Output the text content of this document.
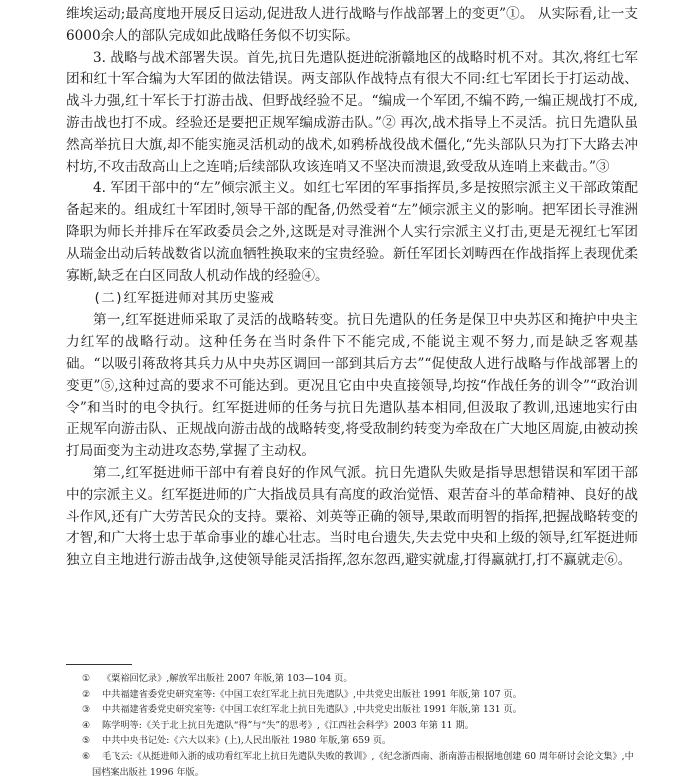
维埃运动;最高度地开展反日运动,促进敌人进行战略与作战部署上的变更”①。 从实际看,让一支6000余人的部队完成如此战略任务似不切实际。

3. 战略与战术部署失误。首先,抗日先遣队挺进皖浙赣地区的战略时机不对。其次,将红七军团和红十军合编为大军团的做法错误。两支部队作战特点有很大不同:红七军团长于打运动战、战斗力强,红十军长于打游击战、但野战经验不足。“编成一个军团,不编不跨,一编正规战打不成,游击战也打不成。经验还是要把正规军编成游击队。”② 再次,战术指导上不灵活。抗日先遣队虽然高举抗日大旗,却不能实施灵活机动的战术,如鸦桥战役战术僵化,“先头部队只为打下大路去冲村坊,不攻击敌高山上之连哨;后续部队攻该连哨又不坚决而溃退,致受敌从连哨上来截击。”③

4. 军团干部中的“左”倾宗派主义。如红七军团的军事指挥员,多是按照宗派主义干部政策配备起来的。组成红十军团时,领导干部的配备,仍然受着“左”倾宗派主义的影响。把军团长寻淮洲降职为师长并排斥在军政委员会之外,这既是对寻淮洲个人实行宗派主义打击,更是无视红七军团从瑞金出动后转战数省以流血牺牲换取来的宝贵经验。新任军团长刘畴西在作战指挥上表现优柔寡断,缺乏在白区同敌人机动作战的经验④。

(二)红军挺进师对其历史鉴戒

第一,红军挺进师采取了灵活的战略转变。抗日先遣队的任务是保卫中央苏区和掩护中央主力红军的战略行动。这种任务在当时条件下不能完成,不能说主观不努力,而是缺乏客观基础。“以吸引蒋敌将其兵力从中央苏区调回一部到其后方去”“促使敌人进行战略与作战部署上的变更”⑤,这种过高的要求不可能达到。更况且它由中央直接领导,均按“作战任务的训令”“政治训令”和当时的电令执行。红军挺进师的任务与抗日先遣队基本相同,但汲取了教训,迅速地实行由正规军向游击队、正规战向游击战的战略转变,将受敌制约转变为牵敌在广大地区周旋,由被动挨打局面变为主动进攻态势,掌握了主动权。

第二,红军挺进师干部中有着良好的作风气派。抗日先遣队失败是指导思想错误和军团干部中的宗派主义。红军挺进师的广大指战员具有高度的政治觉悟、艰苦奋斗的革命精神、良好的战斗作风,还有广大劳苦民众的支持。粟裕、刘英等正确的领导,果敢而明智的指挥,把握战略转变的才智,和广大将士忠于革命事业的雄心壮志。当时电台遗失,失去党中央和上级的领导,红军挺进师独立自主地进行游击战争,这使领导能灵活指挥,忽东忽西,避实就虚,打得赢就打,打不赢就走⑥。

① 《粟裕回忆录》,解放军出版社 2007 年版,第 103—104 页。

② 中共福建省委党史研究室等:《中国工农红军北上抗日先遣队》,中共党史出版社 1991 年版,第 107 页。

③ 中共福建省委党史研究室等:《中国工农红军北上抗日先遣队》,中共党史出版社 1991 年版,第 131 页。

④ 陈学明等:《关于北上抗日先遣队“得”与“失”的思考》,《江西社会科学》2003 年第 11 期。

⑤ 中共中央书记处:《六大以来》(上),人民出版社 1980 年版,第 659 页。

⑥ 毛飞云:《从挺进师入浙的成功看红军北上抗日先遣队失败的教训》,《纪念浙西南、浙南游击根据地创建 60 周年研讨会论文集》,中国档案出版社 1996 年版。
